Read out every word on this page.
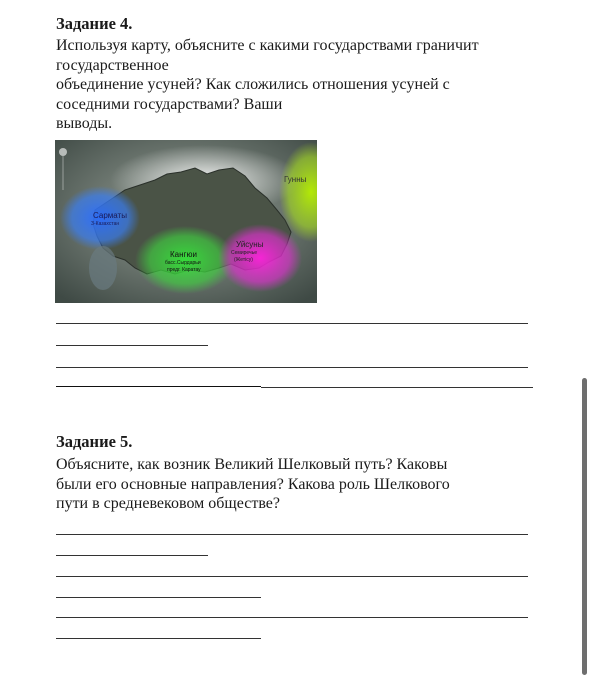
Задание 4.
Используя карту, объясните с какими государствами граничит
государственное
объединение усуней? Как сложились отношения усуней с
соседними государствами? Ваши
выводы.
Сарматы
З-Казахстан
Кангюи
басс.Сырдарьи
предг. Каратау
Уйсуны
Семиречье
(Жетісу)
Гунны
Задание 5.
Объясните, как возник Великий Шелковый путь? Каковы
были его основные направления? Какова роль Шелкового
пути в средневековом обществе?
